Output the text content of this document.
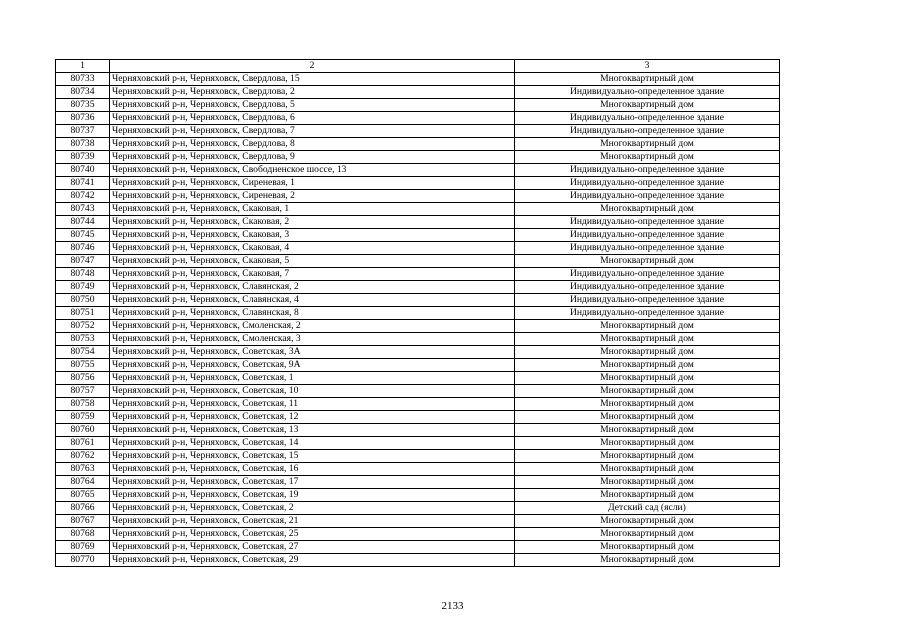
1	2	3
80733	Черняховский р-н, Черняховск, Свердлова, 15	Многоквартирный дом
80734	Черняховский р-н, Черняховск, Свердлова, 2	Индивидуально-определенное здание
80735	Черняховский р-н, Черняховск, Свердлова, 5	Многоквартирный дом
80736	Черняховский р-н, Черняховск, Свердлова, 6	Индивидуально-определенное здание
80737	Черняховский р-н, Черняховск, Свердлова, 7	Индивидуально-определенное здание
80738	Черняховский р-н, Черняховск, Свердлова, 8	Многоквартирный дом
80739	Черняховский р-н, Черняховск, Свердлова, 9	Многоквартирный дом
80740	Черняховский р-н, Черняховск, Свободненское шоссе, 13	Индивидуально-определенное здание
80741	Черняховский р-н, Черняховск, Сиреневая, 1	Индивидуально-определенное здание
80742	Черняховский р-н, Черняховск, Сиреневая, 2	Индивидуально-определенное здание
80743	Черняховский р-н, Черняховск, Скаковая, 1	Многоквартирный дом
80744	Черняховский р-н, Черняховск, Скаковая, 2	Индивидуально-определенное здание
80745	Черняховский р-н, Черняховск, Скаковая, 3	Индивидуально-определенное здание
80746	Черняховский р-н, Черняховск, Скаковая, 4	Индивидуально-определенное здание
80747	Черняховский р-н, Черняховск, Скаковая, 5	Многоквартирный дом
80748	Черняховский р-н, Черняховск, Скаковая, 7	Индивидуально-определенное здание
80749	Черняховский р-н, Черняховск, Славянская, 2	Индивидуально-определенное здание
80750	Черняховский р-н, Черняховск, Славянская, 4	Индивидуально-определенное здание
80751	Черняховский р-н, Черняховск, Славянская, 8	Индивидуально-определенное здание
80752	Черняховский р-н, Черняховск, Смоленская, 2	Многоквартирный дом
80753	Черняховский р-н, Черняховск, Смоленская, 3	Многоквартирный дом
80754	Черняховский р-н, Черняховск, Советская, 3А	Многоквартирный дом
80755	Черняховский р-н, Черняховск, Советская, 9А	Многоквартирный дом
80756	Черняховский р-н, Черняховск, Советская, 1	Многоквартирный дом
80757	Черняховский р-н, Черняховск, Советская, 10	Многоквартирный дом
80758	Черняховский р-н, Черняховск, Советская, 11	Многоквартирный дом
80759	Черняховский р-н, Черняховск, Советская, 12	Многоквартирный дом
80760	Черняховский р-н, Черняховск, Советская, 13	Многоквартирный дом
80761	Черняховский р-н, Черняховск, Советская, 14	Многоквартирный дом
80762	Черняховский р-н, Черняховск, Советская, 15	Многоквартирный дом
80763	Черняховский р-н, Черняховск, Советская, 16	Многоквартирный дом
80764	Черняховский р-н, Черняховск, Советская, 17	Многоквартирный дом
80765	Черняховский р-н, Черняховск, Советская, 19	Многоквартирный дом
80766	Черняховский р-н, Черняховск, Советская, 2	Детский сад (ясли)
80767	Черняховский р-н, Черняховск, Советская, 21	Многоквартирный дом
80768	Черняховский р-н, Черняховск, Советская, 25	Многоквартирный дом
80769	Черняховский р-н, Черняховск, Советская, 27	Многоквартирный дом
80770	Черняховский р-н, Черняховск, Советская, 29	Многоквартирный дом
2133
